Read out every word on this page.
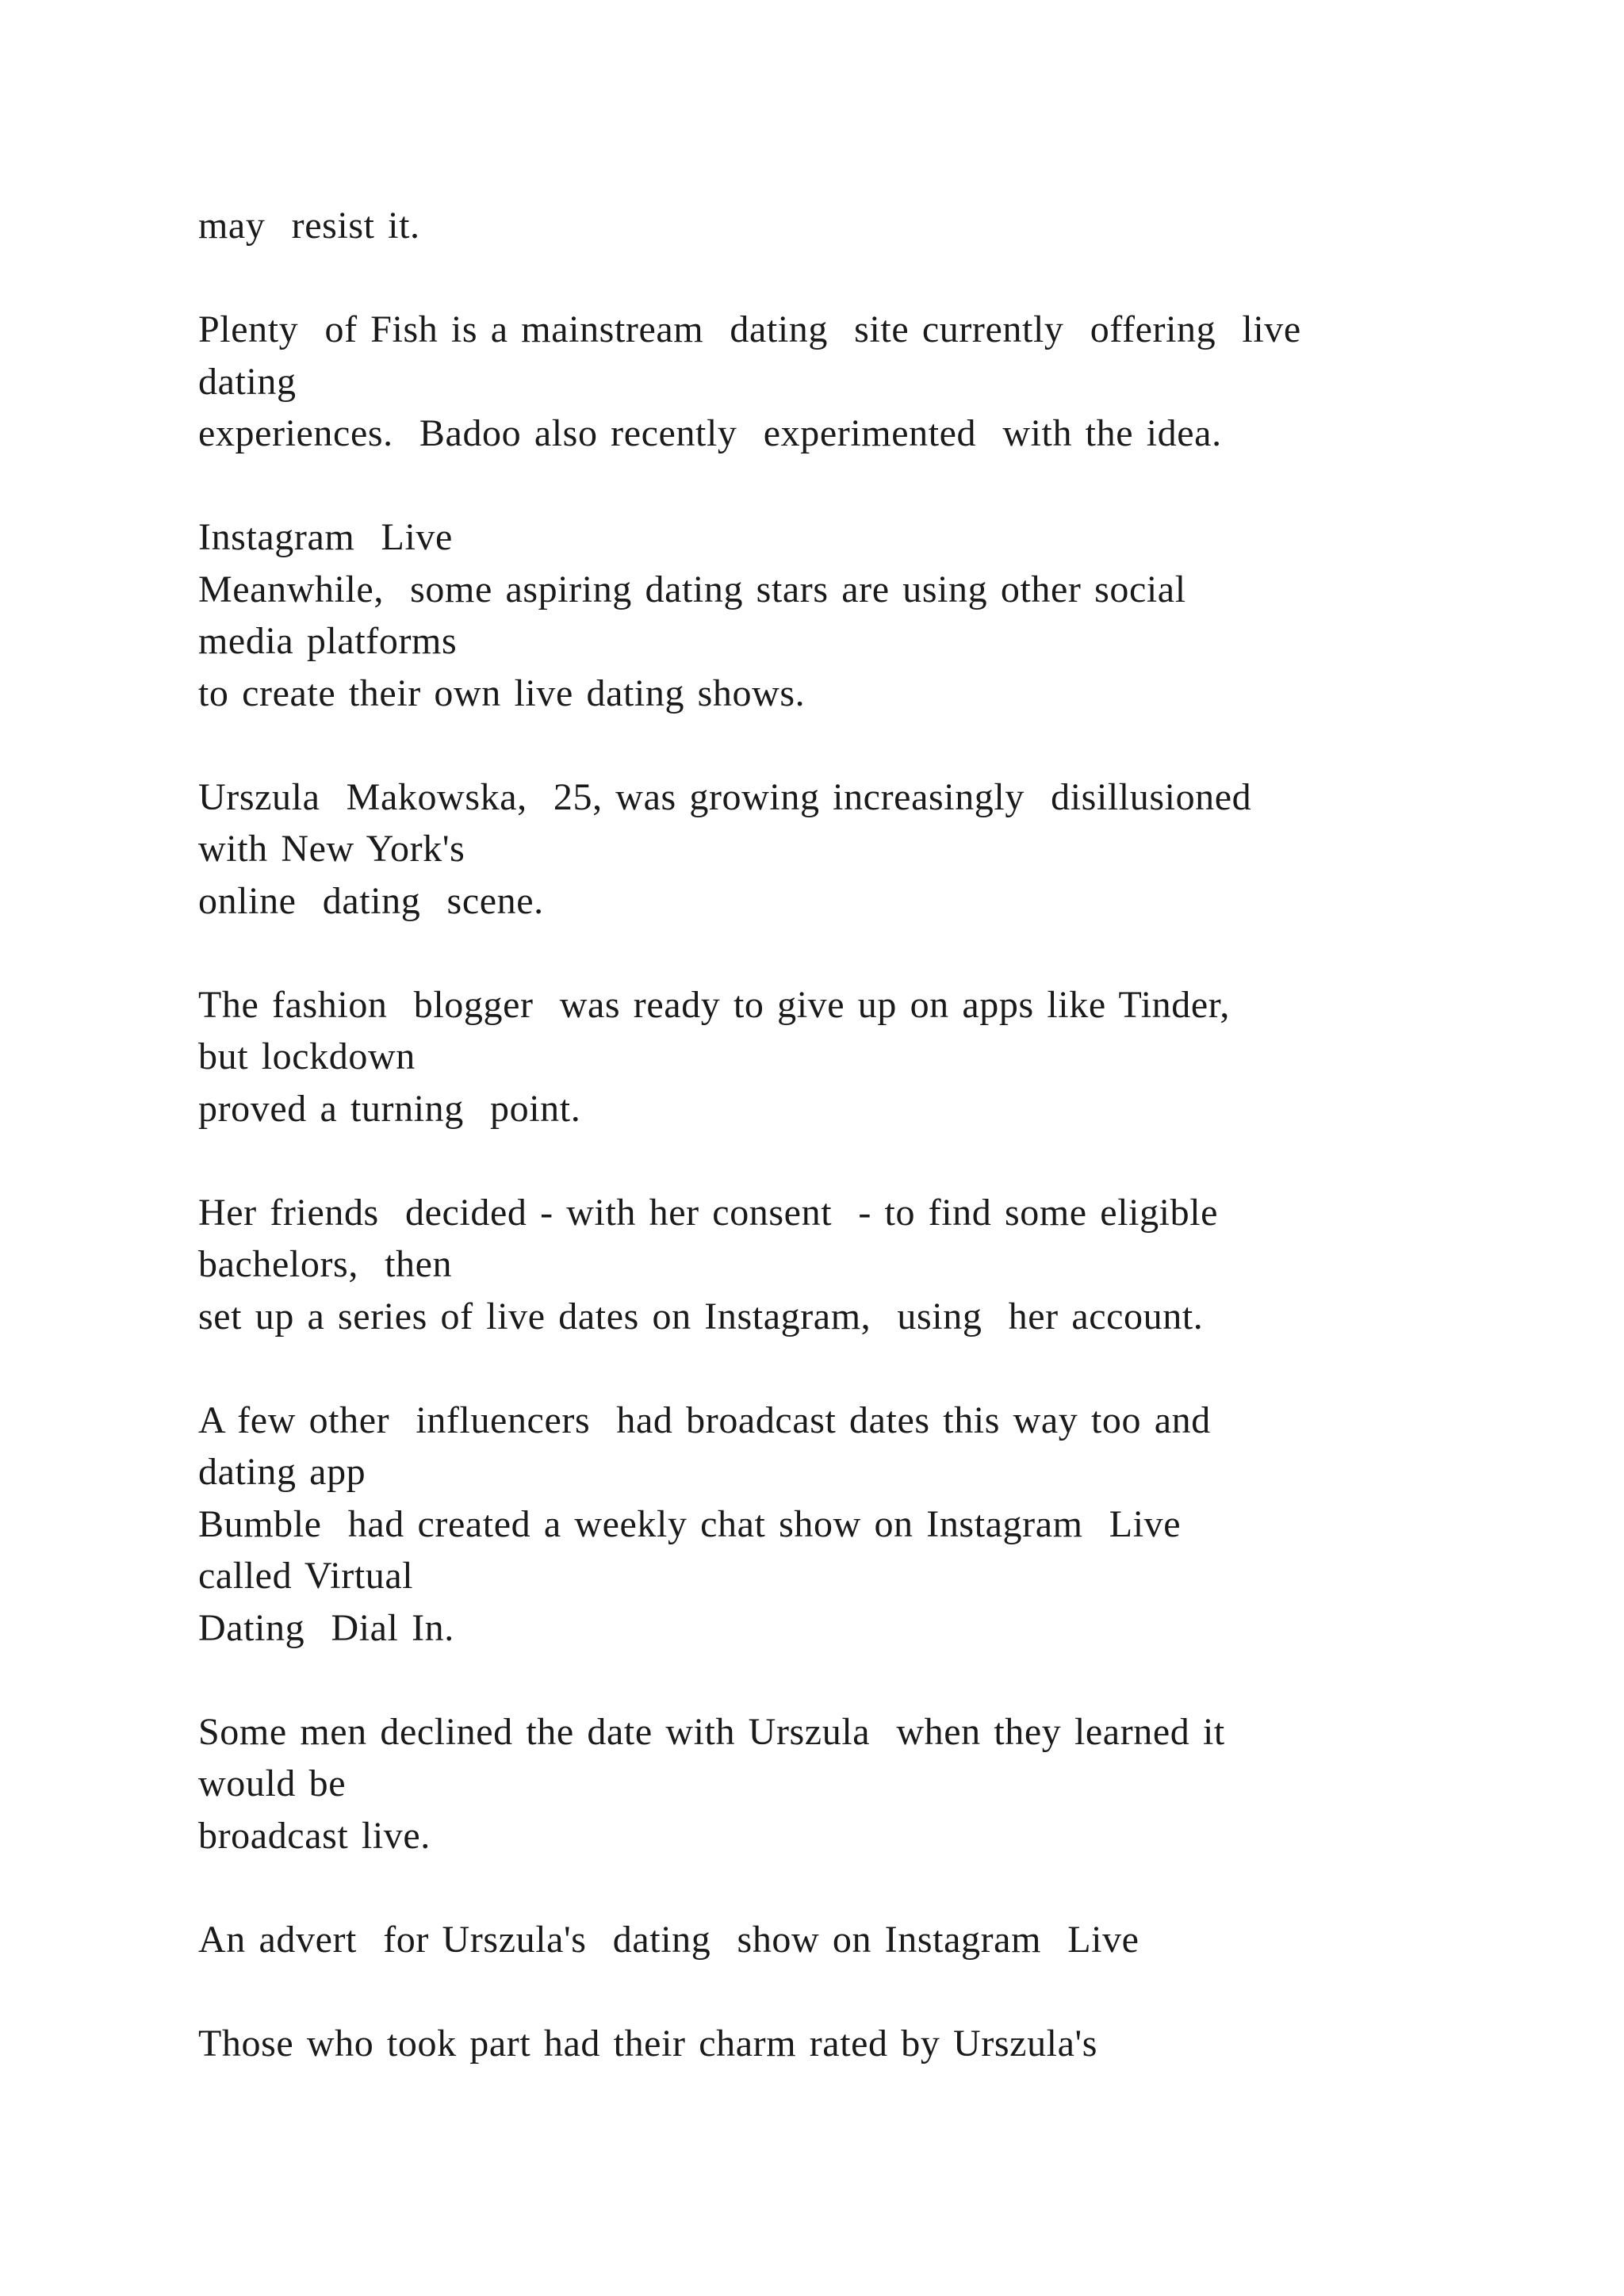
may  resist it.
Plenty  of Fish is a mainstream  dating  site currently  offering  live
dating
experiences.  Badoo also recently  experimented  with the idea.
Instagram  Live
Meanwhile,  some aspiring dating stars are using other social
media platforms
to create their own live dating shows.
Urszula  Makowska,  25, was growing increasingly  disillusioned
with New York's
online  dating  scene.
The fashion  blogger  was ready to give up on apps like Tinder,
but lockdown
proved a turning  point.
Her friends  decided - with her consent  - to find some eligible
bachelors,  then
set up a series of live dates on Instagram,  using  her account.
A few other  influencers  had broadcast dates this way too and
dating app
Bumble  had created a weekly chat show on Instagram  Live
called Virtual
Dating  Dial In.
Some men declined the date with Urszula  when they learned it
would be
broadcast live.
An advert  for Urszula's  dating  show on Instagram  Live
Those who took part had their charm rated by Urszula's
